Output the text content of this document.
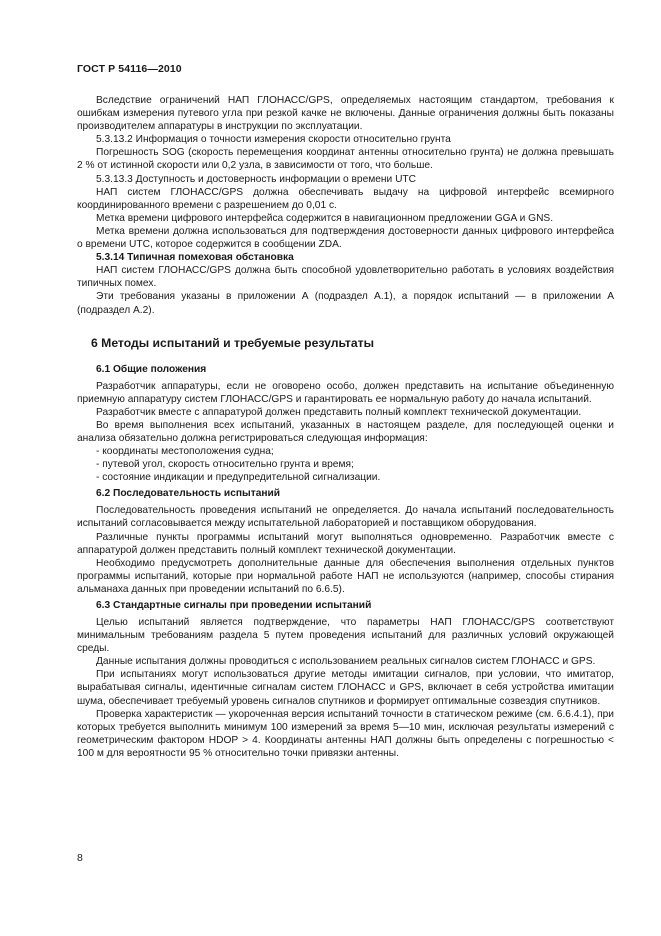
ГОСТ Р 54116—2010

Вследствие ограничений НАП ГЛОНАСС/GPS, определяемых настоящим стандартом, требования к ошибкам измерения путевого угла при резкой качке не включены. Данные ограничения должны быть показаны производителем аппаратуры в инструкции по эксплуатации.

5.3.13.2 Информация о точности измерения скорости относительно грунта

Погрешность SOG (скорость перемещения координат антенны относительно грунта) не должна превышать 2 % от истинной скорости или 0,2 узла, в зависимости от того, что больше.

5.3.13.3 Доступность и достоверность информации о времени UTC

НАП систем ГЛОНАСС/GPS должна обеспечивать выдачу на цифровой интерфейс всемирного координированного времени с разрешением до 0,01 с.

Метка времени цифрового интерфейса содержится в навигационном предложении GGA и GNS.

Метка времени должна использоваться для подтверждения достоверности данных цифрового интерфейса о времени UTC, которое содержится в сообщении ZDA.

5.3.14 Типичная помеховая обстановка

НАП систем ГЛОНАСС/GPS должна быть способной удовлетворительно работать в условиях воздействия типичных помех.

Эти требования указаны в приложении А (подраздел А.1), а порядок испытаний — в приложении А (подраздел А.2).

6 Методы испытаний и требуемые результаты
6.1 Общие положения

Разработчик аппаратуры, если не оговорено особо, должен представить на испытание объединенную приемную аппаратуру систем ГЛОНАСС/GPS и гарантировать ее нормальную работу до начала испытаний.

Разработчик вместе с аппаратурой должен представить полный комплект технической документации.

Во время выполнения всех испытаний, указанных в настоящем разделе, для последующей оценки и анализа обязательно должна регистрироваться следующая информация:

- координаты местоположения судна;
- путевой угол, скорость относительно грунта и время;
- состояние индикации и предупредительной сигнализации.
6.2 Последовательность испытаний

Последовательность проведения испытаний не определяется. До начала испытаний последовательность испытаний согласовывается между испытательной лабораторией и поставщиком оборудования.

Различные пункты программы испытаний могут выполняться одновременно. Разработчик вместе с аппаратурой должен представить полный комплект технической документации.

Необходимо предусмотреть дополнительные данные для обеспечения выполнения отдельных пунктов программы испытаний, которые при нормальной работе НАП не используются (например, способы стирания альманаха данных при проведении испытаний по 6.6.5).

6.3 Стандартные сигналы при проведении испытаний

Целью испытаний является подтверждение, что параметры НАП ГЛОНАСС/GPS соответствуют минимальным требованиям раздела 5 путем проведения испытаний для различных условий окружающей среды.

Данные испытания должны проводиться с использованием реальных сигналов систем ГЛОНАСС и GPS.

При испытаниях могут использоваться другие методы имитации сигналов, при условии, что имитатор, вырабатывая сигналы, идентичные сигналам систем ГЛОНАСС и GPS, включает в себя устройства имитации шума, обеспечивает требуемый уровень сигналов спутников и формирует оптимальные созвездия спутников.

Проверка характеристик — укороченная версия испытаний точности в статическом режиме (см. 6.6.4.1), при которых требуется выполнить минимум 100 измерений за время 5—10 мин, исключая результаты измерений с геометрическим фактором HDOP > 4. Координаты антенны НАП должны быть определены с погрешностью < 100 м для вероятности 95 % относительно точки привязки антенны.

8
